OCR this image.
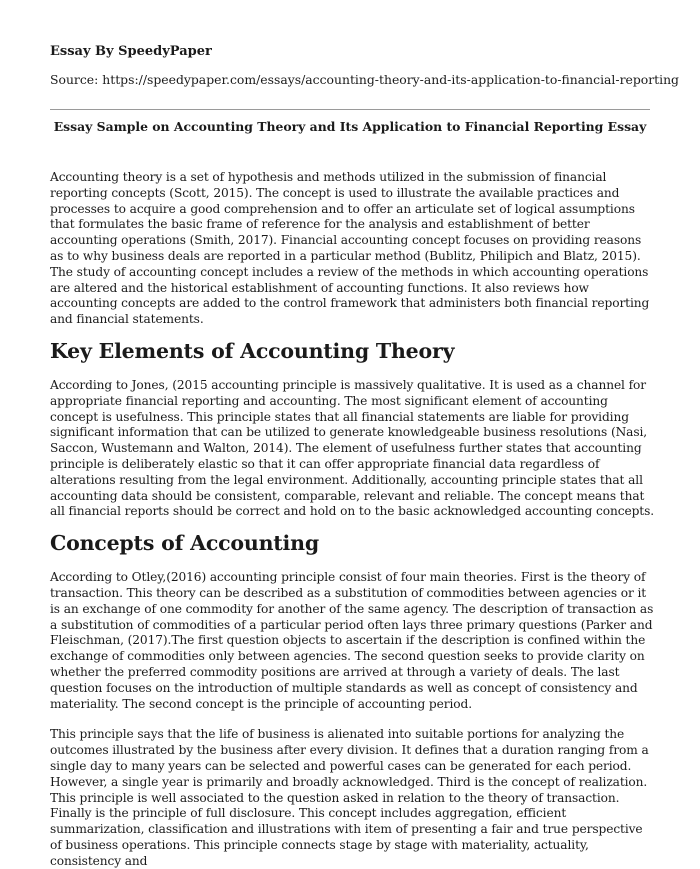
Essay By SpeedyPaper
Source: https://speedypaper.com/essays/accounting-theory-and-its-application-to-financial-reporting
Essay Sample on Accounting Theory and Its Application to Financial Reporting Essay

Accounting theory is a set of hypothesis and methods utilized in the submission of financial reporting concepts (Scott, 2015). The concept is used to illustrate the available practices and processes to acquire a good comprehension and to offer an articulate set of logical assumptions that formulates the basic frame of reference for the analysis and establishment of better accounting operations (Smith, 2017). Financial accounting concept focuses on providing reasons as to why business deals are reported in a particular method (Bublitz, Philipich and Blatz, 2015). The study of accounting concept includes a review of the methods in which accounting operations are altered and the historical establishment of accounting functions. It also reviews how accounting concepts are added to the control framework that administers both financial reporting and financial statements.

Key Elements of Accounting Theory

According to Jones, (2015 accounting principle is massively qualitative. It is used as a channel for appropriate financial reporting and accounting. The most significant element of accounting concept is usefulness. This principle states that all financial statements are liable for providing significant information that can be utilized to generate knowledgeable business resolutions (Nasi, Saccon, Wustemann and Walton, 2014). The element of usefulness further states that accounting principle is deliberately elastic so that it can offer appropriate financial data regardless of alterations resulting from the legal environment. Additionally, accounting principle states that all accounting data should be consistent, comparable, relevant and reliable. The concept means that all financial reports should be correct and hold on to the basic acknowledged accounting concepts.

Concepts of Accounting

According to Otley,(2016) accounting principle consist of four main theories. First is the theory of transaction. This theory can be described as a substitution of commodities between agencies or it is an exchange of one commodity for another of the same agency. The description of transaction as a substitution of commodities of a particular period often lays three primary questions (Parker and Fleischman, (2017).The first question objects to ascertain if the description is confined within the exchange of commodities only between agencies. The second question seeks to provide clarity on whether the preferred commodity positions are arrived at through a variety of deals. The last question focuses on the introduction of multiple standards as well as concept of consistency and materiality. The second concept is the principle of accounting period.

This principle says that the life of business is alienated into suitable portions for analyzing the outcomes illustrated by the business after every division. It defines that a duration ranging from a single day to many years can be selected and powerful cases can be generated for each period. However, a single year is primarily and broadly acknowledged. Third is the concept of realization. This principle is well associated to the question asked in relation to the theory of transaction. Finally is the principle of full disclosure. This concept includes aggregation, efficient summarization, classification and illustrations with item of presenting a fair and true perspective of business operations. This principle connects stage by stage with materiality, actuality, consistency and
